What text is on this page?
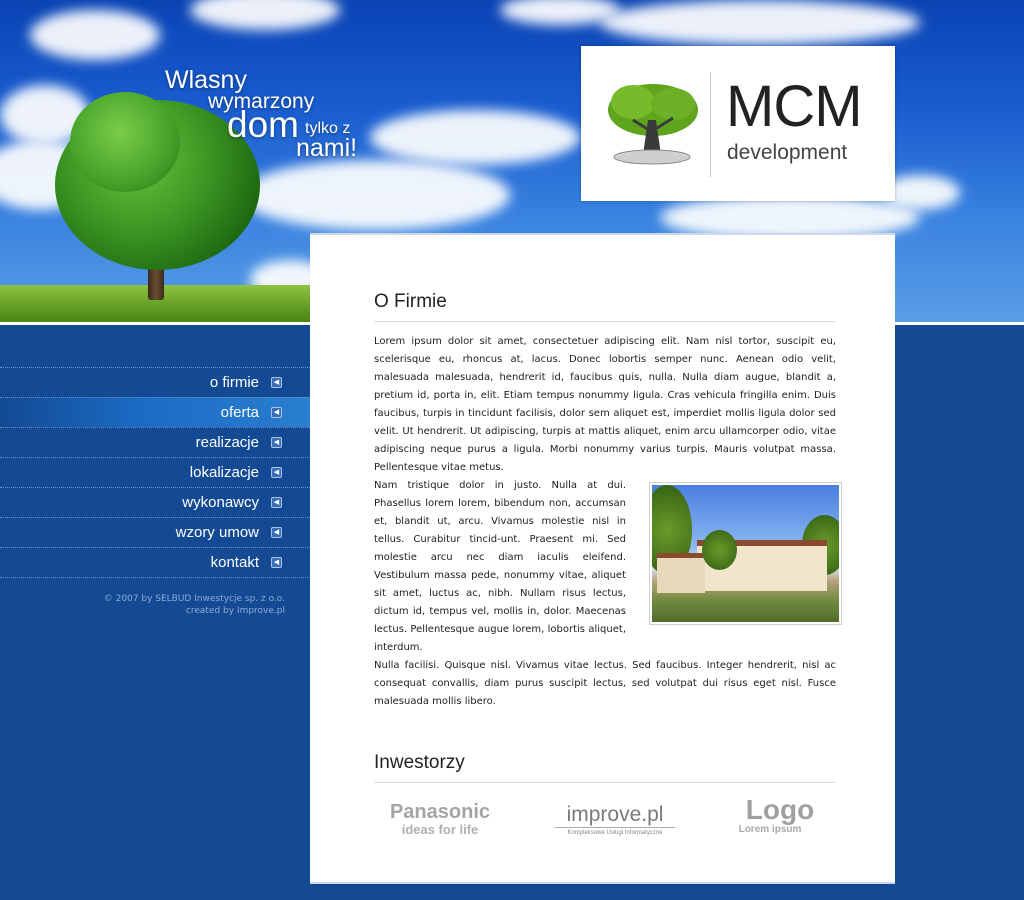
Wlasny
wymarzony
dom tylko z
nami!
MCM
development
o firmie	◀
oferta	◀
realizacje	◀
lokalizacje	◀
wykonawcy	◀
wzory umow	◀
kontakt	◀
© 2007 by SELBUD Inwestycje sp. z o.o.
created by Improve.pl
O Firmie

Lorem ipsum dolor sit amet, consectetuer adipiscing elit. Nam nisl tortor, suscipit eu, scelerisque eu, rhoncus at, lacus. Donec lobortis semper nunc. Aenean odio velit, malesuada malesuada, hendrerit id, faucibus quis, nulla. Nulla diam augue, blandit a, pretium id, porta in, elit. Etiam tempus nonummy ligula. Cras vehicula fringilla enim. Duis faucibus, turpis in tincidunt facilisis, dolor sem aliquet est, imperdiet mollis ligula dolor sed velit. Ut hendrerit. Ut adipiscing, turpis at mattis aliquet, enim arcu ullamcorper odio, vitae adipiscing neque purus a ligula. Morbi nonummy varius turpis. Mauris volutpat massa. Pellentesque vitae metus.

Nam tristique dolor in justo. Nulla at dui. Phasellus lorem lorem, bibendum non, accumsan et, blandit ut, arcu. Vivamus molestie nisl in tellus. Curabitur tincid-unt. Praesent mi. Sed molestie arcu nec diam iaculis eleifend. Vestibulum massa pede, nonummy vitae, aliquet sit amet, luctus ac, nibh. Nullam risus lectus, dictum id, tempus vel, mollis in, dolor. Maecenas lectus. Pellentesque augue lorem, lobortis aliquet, interdum.

Nulla facilisi. Quisque nisl. Vivamus vitae lectus. Sed faucibus. Integer hendrerit, nisl ac consequat convallis, diam purus suscipit lectus, sed volutpat dui risus eget nisl. Fusce malesuada mollis libero.

Inwestorzy
Panasonic
ideas for life
improve.pl
Kompleksowe Usługi Informatyczne
Logo
Lorem ipsum
